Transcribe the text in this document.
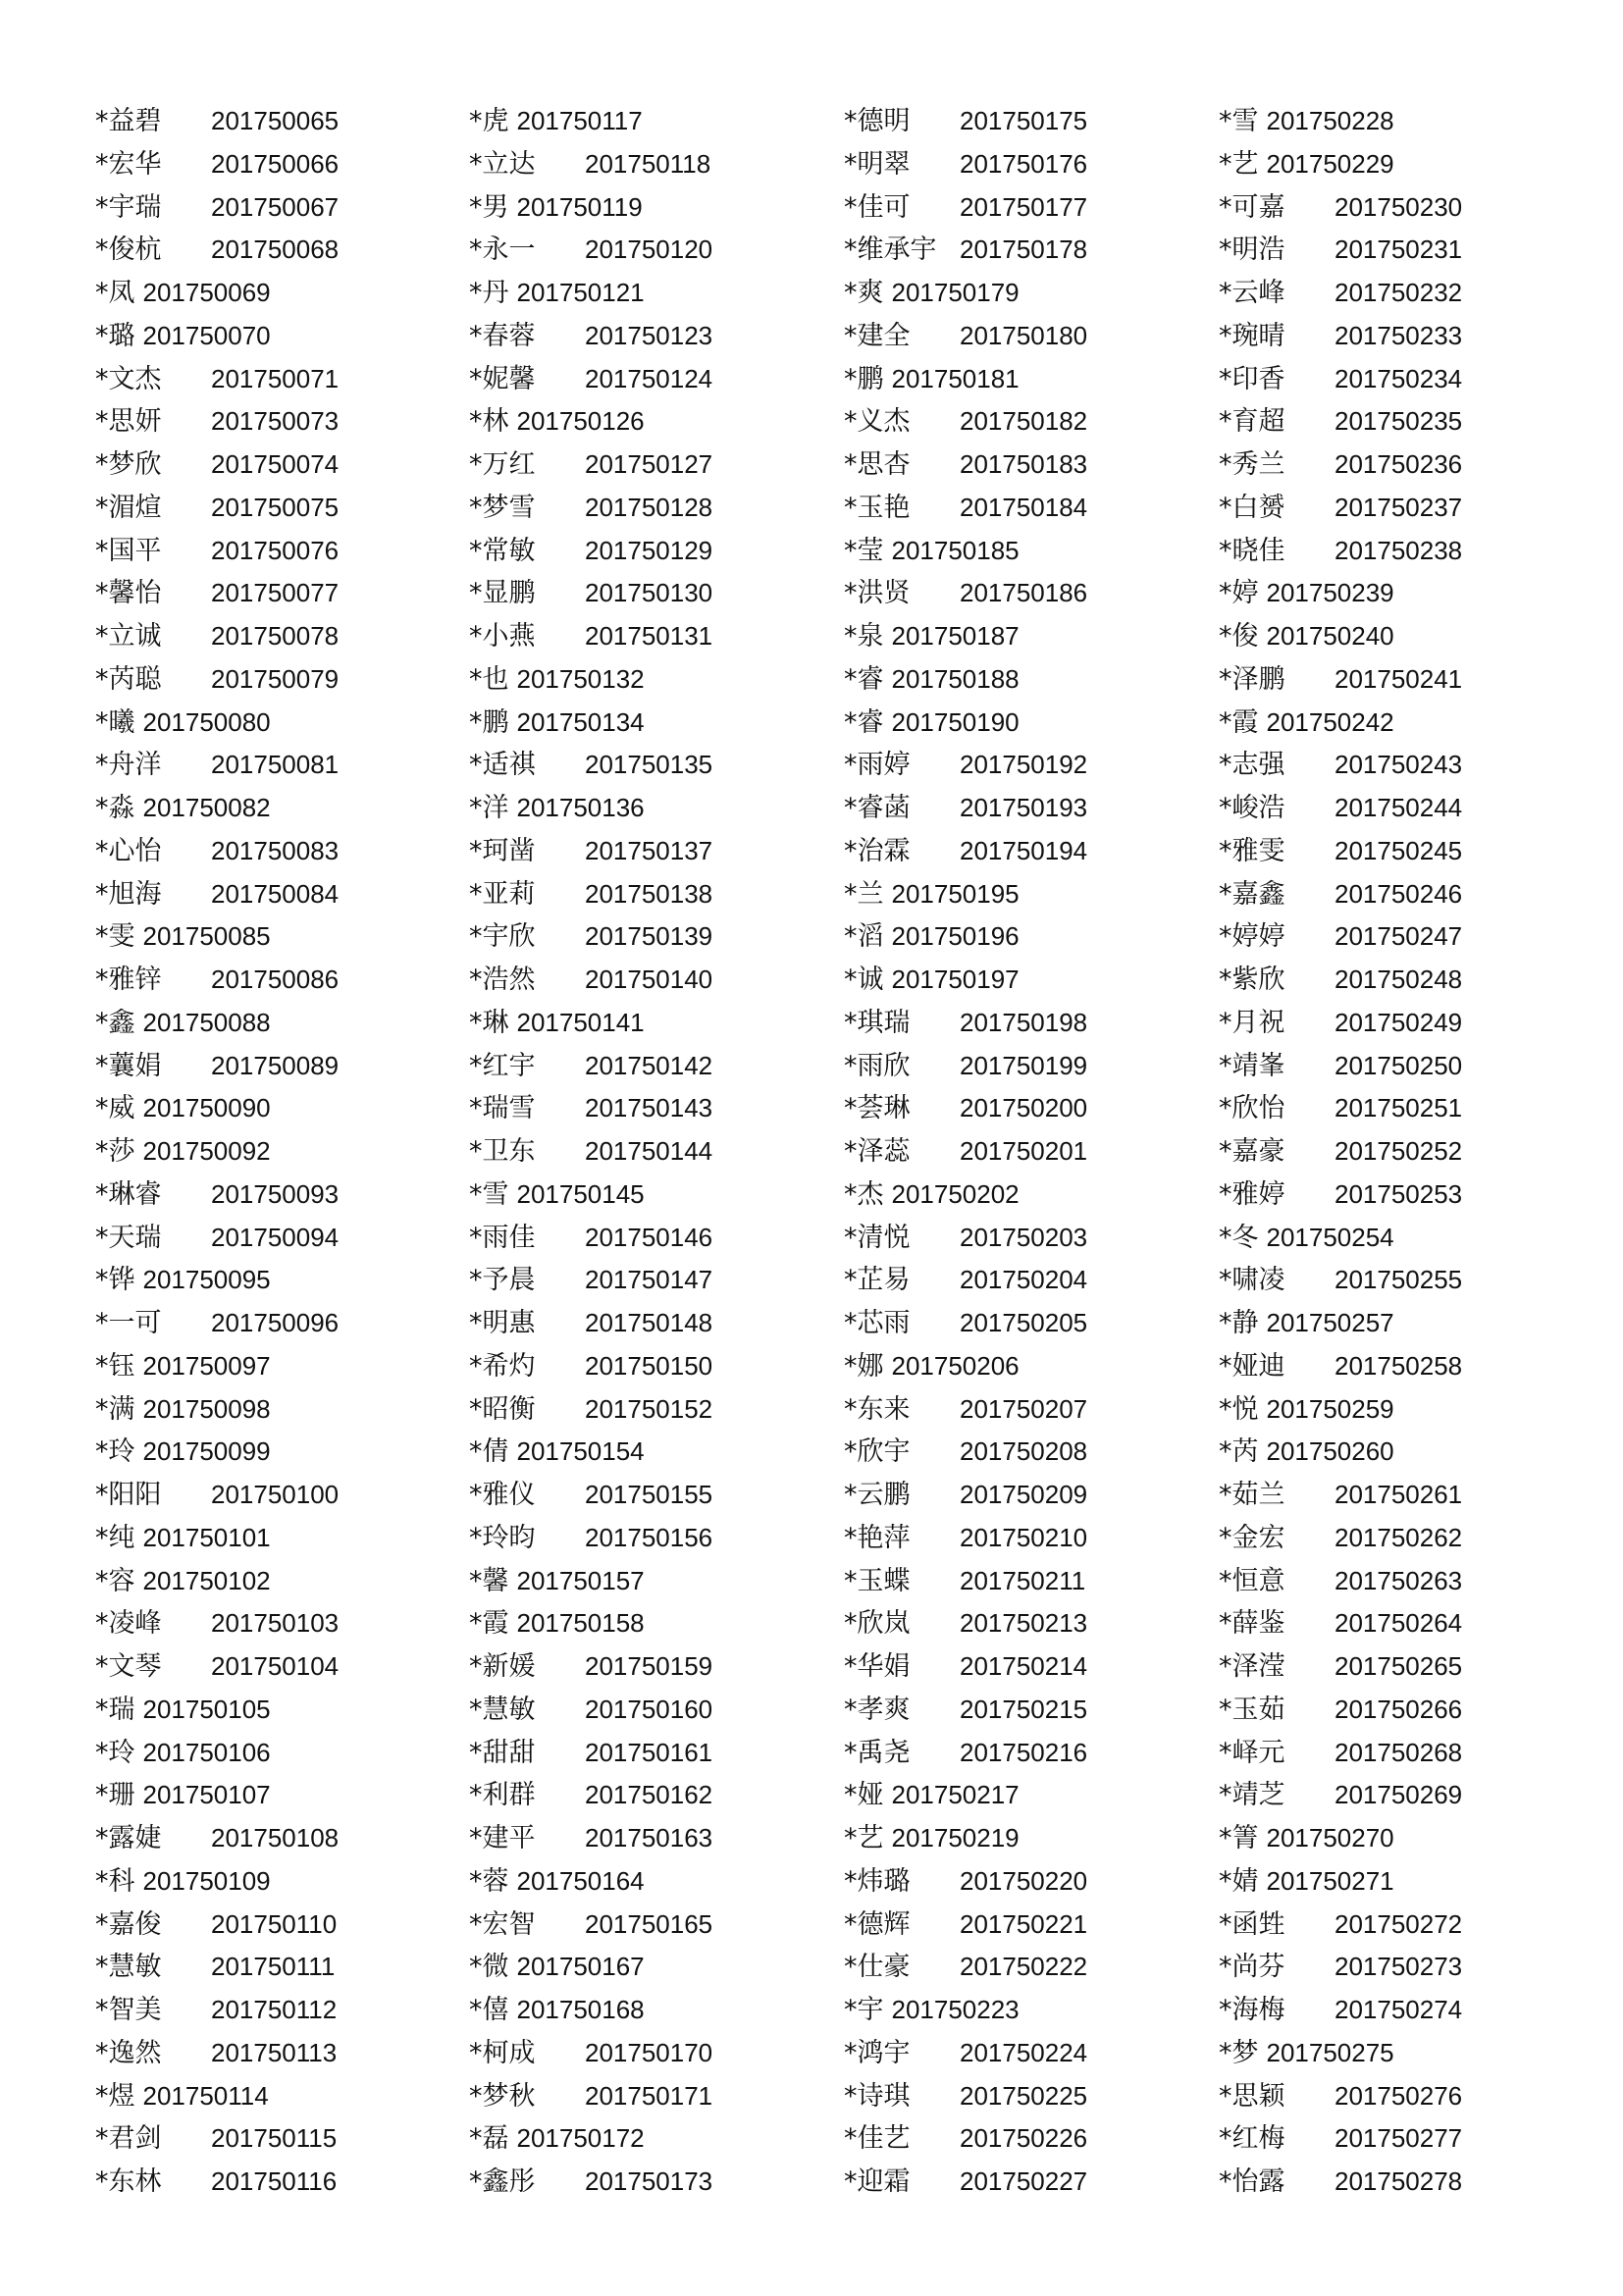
*益碧 201750065
*宏华 201750066
*宇瑞 201750067
*俊杭 201750068
*凤 201750069
*璐 201750070
*文杰 201750071
*思妍 201750073
*梦欣 201750074
*湄煊 201750075
*国平 201750076
*馨怡 201750077
*立诚 201750078
*芮聪 201750079
*曦 201750080
*舟洋 201750081
*淼 201750082
*心怡 201750083
*旭海 201750084
*雯 201750085
*雅锌 201750086
*鑫 201750088
*蘘娟 201750089
*威 201750090
*莎 201750092
*琳睿 201750093
*天瑞 201750094
*铧 201750095
*一可 201750096
*钰 201750097
*满 201750098
*玲 201750099
*阳阳 201750100
*纯 201750101
*容 201750102
*凌峰 201750103
*文琴 201750104
*瑞 201750105
*玲 201750106
*珊 201750107
*露婕 201750108
*科 201750109
*嘉俊 201750110
*慧敏 201750111
*智美 201750112
*逸然 201750113
*煜 201750114
*君剑 201750115
*东林 201750116
*虎 201750117
*立达 201750118
*男 201750119
*永一 201750120
*丹 201750121
*春蓉 201750123
*妮馨 201750124
*林 201750126
*万红 201750127
*梦雪 201750128
*常敏 201750129
*显鹏 201750130
*小燕 201750131
*也 201750132
*鹏 201750134
*适祺 201750135
*洋 201750136
*珂凿 201750137
*亚莉 201750138
*宇欣 201750139
*浩然 201750140
*琳 201750141
*红宇 201750142
*瑞雪 201750143
*卫东 201750144
*雪 201750145
*雨佳 201750146
*予晨 201750147
*明惠 201750148
*希灼 201750150
*昭衡 201750152
*倩 201750154
*雅仪 201750155
*玲昀 201750156
*馨 201750157
*霞 201750158
*新媛 201750159
*慧敏 201750160
*甜甜 201750161
*利群 201750162
*建平 201750163
*蓉 201750164
*宏智 201750165
*微 201750167
*僖 201750168
*柯成 201750170
*梦秋 201750171
*磊 201750172
*鑫彤 201750173
*德明 201750175
*明翠 201750176
*佳可 201750177
*维承宇 201750178
*爽 201750179
*建全 201750180
*鹏 201750181
*义杰 201750182
*思杏 201750183
*玉艳 201750184
*莹 201750185
*洪贤 201750186
*泉 201750187
*睿 201750188
*睿 201750190
*雨婷 201750192
*睿菡 201750193
*治霖 201750194
*兰 201750195
*滔 201750196
*诚 201750197
*琪瑞 201750198
*雨欣 201750199
*荟琳 201750200
*泽蕊 201750201
*杰 201750202
*清悦 201750203
*芷易 201750204
*芯雨 201750205
*娜 201750206
*东来 201750207
*欣宇 201750208
*云鹏 201750209
*艳萍 201750210
*玉蝶 201750211
*欣岚 201750213
*华娟 201750214
*孝爽 201750215
*禹尧 201750216
*娅 201750217
*艺 201750219
*炜璐 201750220
*德辉 201750221
*仕豪 201750222
*宇 201750223
*鸿宇 201750224
*诗琪 201750225
*佳艺 201750226
*迎霜 201750227
*雪 201750228
*艺 201750229
*可嘉 201750230
*明浩 201750231
*云峰 201750232
*琬晴 201750233
*印香 201750234
*育超 201750235
*秀兰 201750236
*白赟 201750237
*晓佳 201750238
*婷 201750239
*俊 201750240
*泽鹏 201750241
*霞 201750242
*志强 201750243
*峻浩 201750244
*雅雯 201750245
*嘉鑫 201750246
*婷婷 201750247
*紫欣 201750248
*月祝 201750249
*靖峯 201750250
*欣怡 201750251
*嘉豪 201750252
*雅婷 201750253
*冬 201750254
*啸凌 201750255
*静 201750257
*娅迪 201750258
*悦 201750259
*芮 201750260
*茹兰 201750261
*金宏 201750262
*恒意 201750263
*薛鉴 201750264
*泽滢 201750265
*玉茹 201750266
*峄元 201750268
*靖芝 201750269
*箐 201750270
*婧 201750271
*函甡 201750272
*尚芬 201750273
*海梅 201750274
*梦 201750275
*思颖 201750276
*红梅 201750277
*怡露 201750278
